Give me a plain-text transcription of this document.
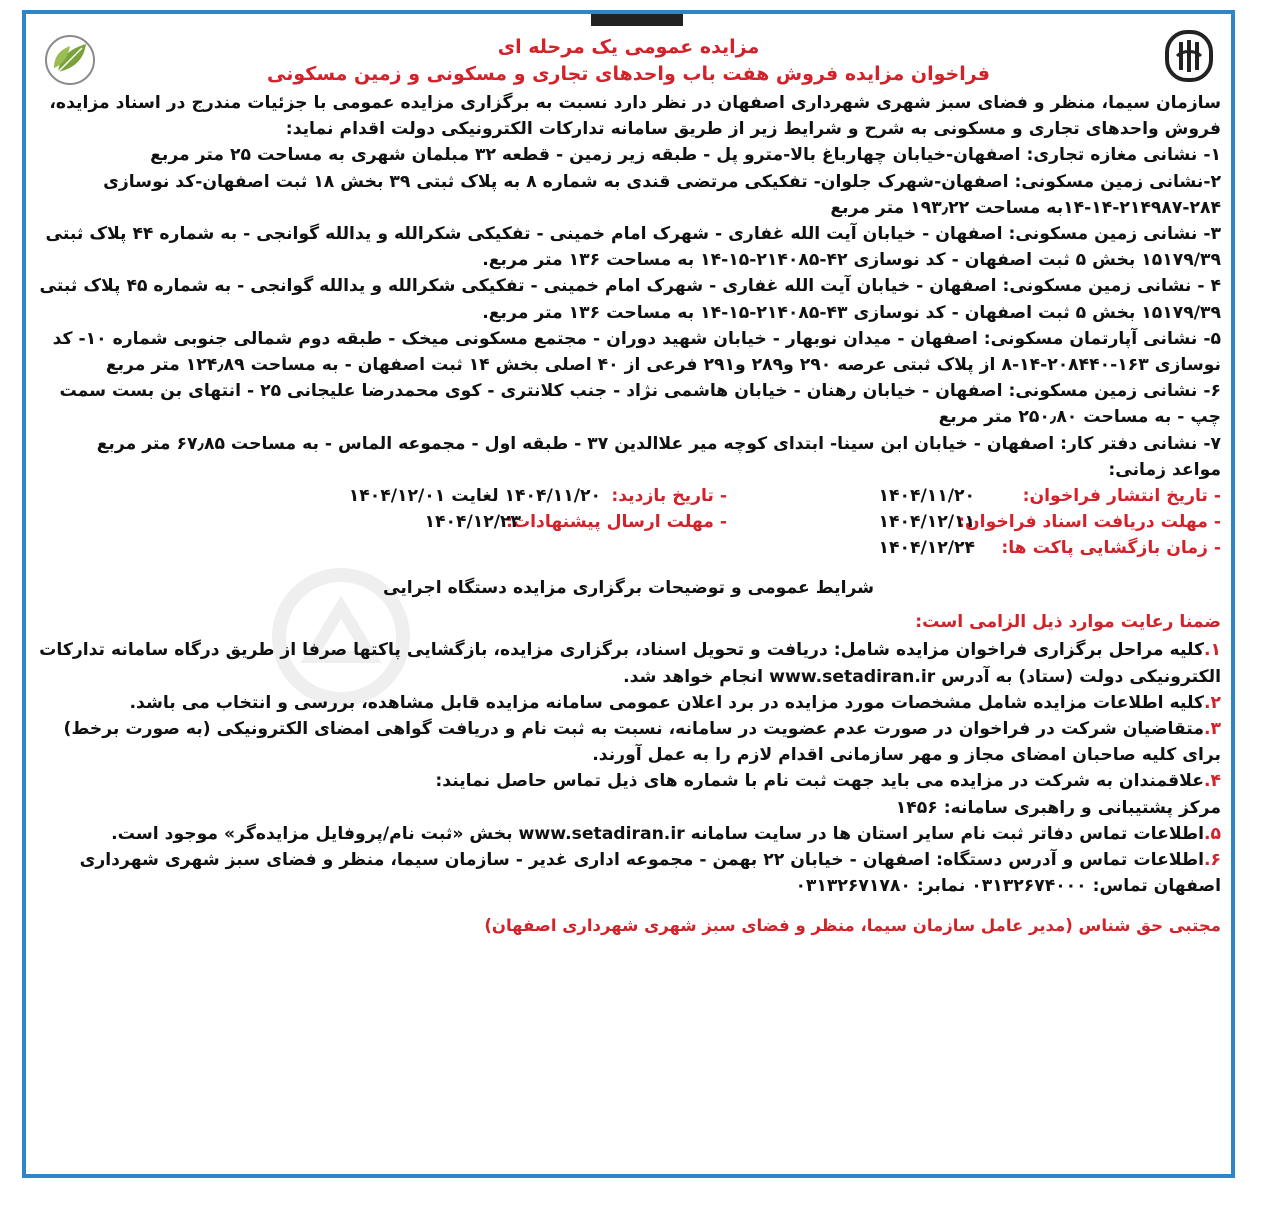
مزایده عمومی یک مرحله ای
فراخوان مزایده فروش هفت باب واحدهای تجاری و مسکونی و زمین مسکونی

سازمان سیما، منظر و فضای سبز شهری شهرداری اصفهان در نظر دارد نسبت به برگزاری مزایده عمومی با جزئیات مندرج در اسناد مزایده، فروش واحدهای تجاری و مسکونی به شرح و شرایط زیر از طریق سامانه تدارکات الکترونیکی دولت اقدام نماید:

۱- نشانی مغازه تجاری: اصفهان-خیابان چهارباغ بالا-مترو پل - طبقه زیر زمین - قطعه ۳۲ مبلمان شهری به مساحت ۲۵ متر مربع

۲-نشانی زمین مسکونی: اصفهان-شهرک جلوان- تفکیکی مرتضی قندی به شماره ۸ به پلاک ثبتی ۳۹ بخش ۱۸ ثبت اصفهان-کد نوسازی ۲۸۴-۲۱۴۹۸۷-۱۴-۱۴به مساحت ۱۹۳٫۲۲ متر مربع

۳- نشانی زمین مسکونی: اصفهان - خیابان آیت الله غفاری - شهرک امام خمینی - تفکیکی شکرالله و یدالله گوانجی - به شماره ۴۴ پلاک ثبتی ۱۵۱۷۹/۳۹ بخش ۵ ثبت اصفهان - کد نوسازی ۴۲-۲۱۴۰۸۵-۱۵-۱۴ به مساحت ۱۳۶ متر مربع.

۴ - نشانی زمین مسکونی: اصفهان - خیابان آیت الله غفاری - شهرک امام خمینی - تفکیکی شکرالله و یدالله گوانجی - به شماره ۴۵ پلاک ثبتی ۱۵۱۷۹/۳۹ بخش ۵ ثبت اصفهان - کد نوسازی ۴۳-۲۱۴۰۸۵-۱۵-۱۴ به مساحت ۱۳۶ متر مربع.

۵- نشانی آپارتمان مسکونی: اصفهان - میدان نوبهار - خیابان شهید دوران - مجتمع مسکونی میخک - طبقه دوم شمالی جنوبی شماره ۱۰- کد نوسازی ۱۶۳-۲۰۸۴۴۰-۱۴-۸ از پلاک ثبتی عرصه ۲۹۰ و۲۸۹ و۲۹۱ فرعی از ۴۰ اصلی بخش ۱۴ ثبت اصفهان - به مساحت ۱۲۴٫۸۹ متر مربع

۶- نشانی زمین مسکونی: اصفهان - خیابان رهنان - خیابان هاشمی نژاد - جنب کلانتری - کوی محمدرضا علیجانی ۲۵ - انتهای بن بست سمت چپ - به مساحت ۲۵۰٫۸۰ متر مربع

۷- نشانی دفتر کار: اصفهان - خیابان ابن سینا- ابتدای کوچه میر علاالدین ۳۷ - طبقه اول - مجموعه الماس - به مساحت ۶۷٫۸۵ متر مربع

مواعد زمانی:

- تاریخ انتشار فراخوان:
۱۴۰۴/۱۱/۲۰
- تاریخ بازدید:
۱۴۰۴/۱۱/۲۰ لغایت ۱۴۰۴/۱۲/۰۱
- مهلت دریافت اسناد فراخوان:
۱۴۰۴/۱۲/۱۱
- مهلت ارسال پیشنهادات:
۱۴۰۴/۱۲/۲۳
- زمان بازگشایی پاکت ها:
۱۴۰۴/۱۲/۲۴
شرایط عمومی و توضیحات برگزاری مزایده دستگاه اجرایی
ضمنا رعایت موارد ذیل الزامی است:

۱.کلیه مراحل برگزاری فراخوان مزایده شامل: دریافت و تحویل اسناد، برگزاری مزایده، بازگشایی پاکتها صرفا از طریق درگاه سامانه تدارکات الکترونیکی دولت (ستاد) به آدرس www.setadiran.ir انجام خواهد شد.

۲.کلیه اطلاعات مزایده شامل مشخصات مورد مزایده در برد اعلان عمومی سامانه مزایده قابل مشاهده، بررسی و انتخاب می باشد.

۳.متقاضیان شرکت در فراخوان در صورت عدم عضویت در سامانه، نسبت به ثبت نام و دریافت گواهی امضای الکترونیکی (به صورت برخط) برای کلیه صاحبان امضای مجاز و مهر سازمانی اقدام لازم را به عمل آورند.

۴.علاقمندان به شرکت در مزایده می باید جهت ثبت نام با شماره های ذیل تماس حاصل نمایند:

مرکز پشتیبانی و راهبری سامانه: ۱۴۵۶

۵.اطلاعات تماس دفاتر ثبت نام سایر استان ها در سایت سامانه www.setadiran.ir بخش «ثبت نام/پروفایل مزایده‌گر» موجود است.

۶.اطلاعات تماس و آدرس دستگاه: اصفهان - خیابان ۲۲ بهمن - مجموعه اداری غدیر - سازمان سیما، منظر و فضای سبز شهری شهرداری اصفهان تماس: ۰۳۱۳۲۶۷۴۰۰۰ نمابر: ۰۳۱۳۲۶۷۱۷۸۰

مجتبی حق شناس (مدیر عامل سازمان سیما، منظر و فضای سبز شهری شهرداری اصفهان)
